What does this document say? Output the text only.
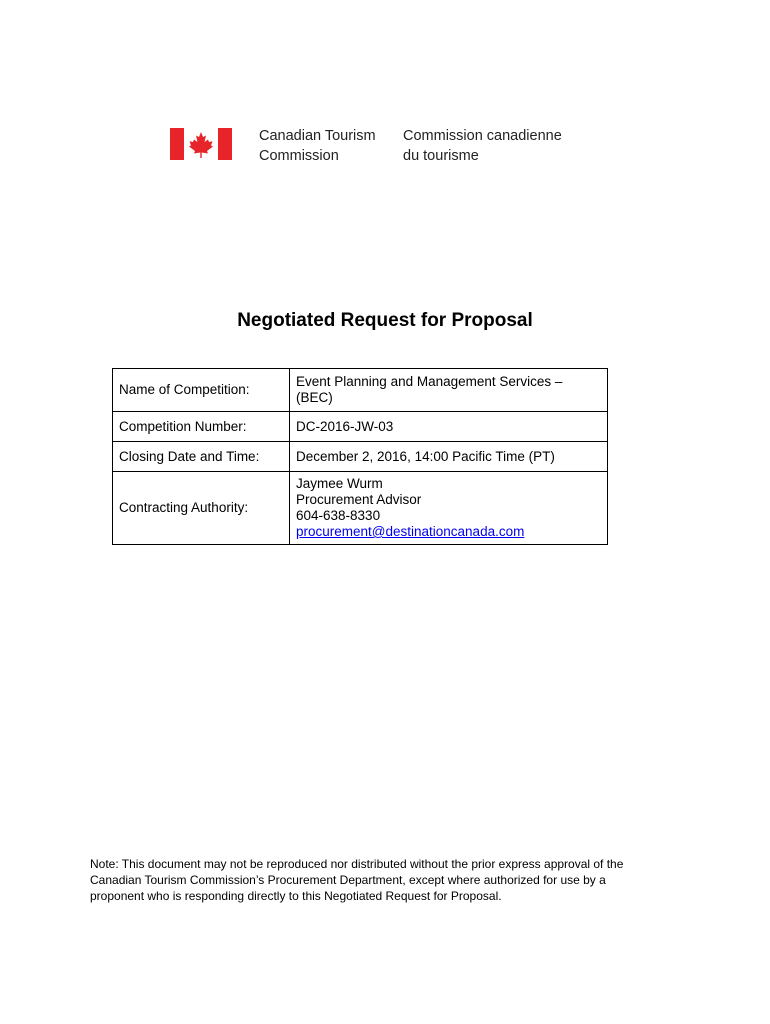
Canadian Tourism
Commission
Commission canadienne
du tourisme
Negotiated Request for Proposal
Name of Competition:	Event Planning and Management Services –
(BEC)

Competition Number:	DC-2016-JW-03
Closing Date and Time:	December 2, 2016, 14:00 Pacific Time (PT)
Contracting Authority:	Jaymee Wurm
Procurement Advisor
604-638-8330
procurement@destinationcanada.com

Note: This document may not be reproduced nor distributed without the prior express approval of the
Canadian Tourism Commission’s Procurement Department, except where authorized for use by a
proponent who is responding directly to this Negotiated Request for Proposal.
